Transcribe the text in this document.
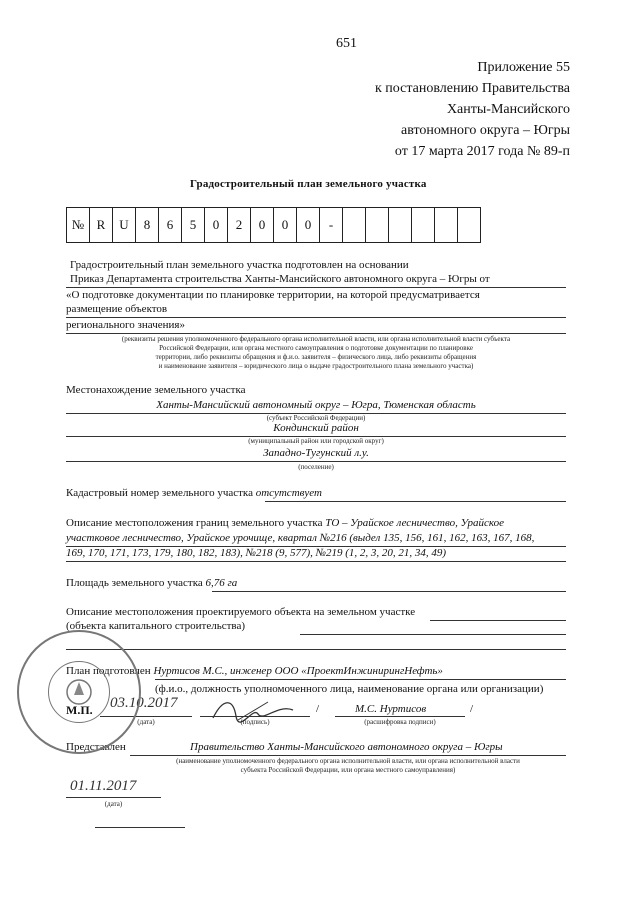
651
Приложение 55
к постановлению Правительства
Ханты-Мансийского
автономного округа – Югры
от 17 марта 2017 года № 89-п
Градостроительный план земельного участка
№	R	U	8	6	5	0	2	0	0	0	-						
Градостроительный план земельного участка подготовлен на основании
Приказ Департамента строительства Ханты-Мансийского автономного округа – Югры от
«О подготовке документации по планировке территории, на которой предусматривается
размещение объектов
регионального значения»
(реквизиты решения уполномоченного федерального органа исполнительной власти, или органа исполнительной власти субъекта
Российской Федерации, или органа местного самоуправления о подготовке документации по планировке
территории, либо реквизиты обращения и ф.и.о. заявителя – физического лица, либо реквизиты обращения
и наименование заявителя – юридического лица о выдаче градостроительного плана земельного участка)
Местонахождение земельного участка
Ханты-Мансийский автономный округ – Югра, Тюменская область
(субъект Российской Федерации)
Кондинский район
(муниципальный район или городской округ)
Западно-Тугунский л.у.
(поселение)
Кадастровый номер земельного участка отсутствует
Описание местоположения границ земельного участка ТО – Урайское лесничество, Урайское
участковое лесничество, Урайское урочище, квартал №216 (выдел 135, 156, 161, 162, 163, 167, 168,
169, 170, 171, 173, 179, 180, 182, 183), №218 (9, 577), №219 (1, 2, 3, 20, 21, 34, 49)
Площадь земельного участка 6,76 га
Описание местоположения проектируемого объекта на земельном участке
(объекта капитального строительства)
План подготовлен Нуртисов М.С., инженер ООО «ПроектИнжинирингНефть»
(ф.и.о., должность уполномоченного лица, наименование органа или организации)
М.П. 03.10.2017
(дата)	(подпись)
/	М.С. Нуртисов
(расшифровка подписи)
/
Представлен	Правительство Ханты-Мансийского автономного округа – Югры
(наименование уполномоченного федерального органа исполнительной власти, или органа исполнительной власти
субъекта Российской Федерации, или органа местного самоуправления)
01.11.2017
(дата)
